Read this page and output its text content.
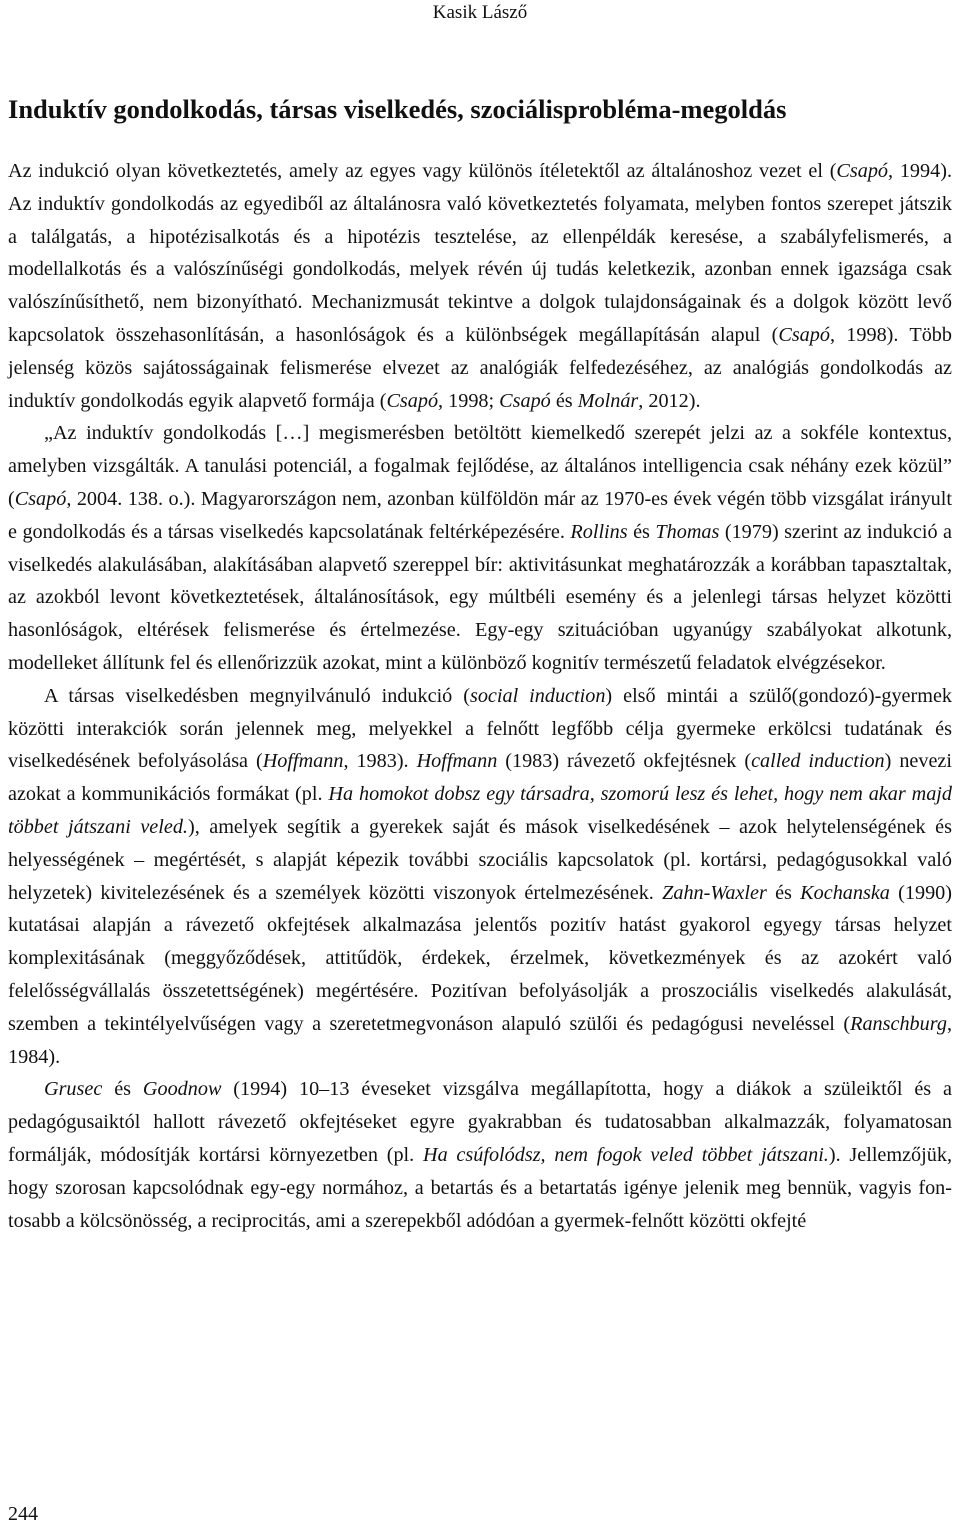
Kasik Lásző
Induktív gondolkodás, társas viselkedés, szociálisprobléma-megoldás

Az indukció olyan következtetés, amely az egyes vagy különös ítéletektől az általánoshoz vezet el (Csapó, 1994). Az induktív gondolkodás az egyediből az általánosra való következtetés folyamata, melyben fontos szerepet játszik a találgatás, a hipotézisalkotás és a hipotézis tesztelése, az ellenpéldák keresése, a szabályfelismerés, a modellalkotás és a valószínűségi gondolkodás, melyek révén új tudás keletkezik, azonban ennek igazsága csak valószínűsíthető, nem bizonyítható. Mechanizmusát tekintve a dolgok tulajdonságainak és a dolgok között levő kapcsolatok összehasonlításán, a hasonlóságok és a különbségek megállapításán alapul (Csapó, 1998). Több jelenség közös sajátosságainak felismerése elvezet az analógiák felfedezéséhez, az analógiás gondolkodás az induktív gondolkodás egyik alapvető formája (Csapó, 1998; Csapó és Molnár, 2012).

„Az induktív gondolkodás […] megismerésben betöltött kiemelkedő szerepét jelzi az a sokféle kontextus, amelyben vizsgálták. A tanulási potenciál, a fogalmak fejlődése, az általános intelligencia csak néhány ezek közül” (Csapó, 2004. 138. o.). Magyarországon nem, azonban külföldön már az 1970-es évek végén több vizsgálat irányult e gondolkodás és a társas viselkedés kapcsolatának feltérképezésére. Rollins és Thomas (1979) szerint az indukció a viselkedés alakulásában, alakításában alapvető szereppel bír: aktivitásunkat meghatározzák a korábban tapasztaltak, az azokból levont következtetések, általánosítások, egy múltbéli esemény és a jelenlegi társas helyzet közötti hasonlóságok, eltérések felismerése és értelmezése. Egy-egy szituációban ugyanúgy szabályokat alkotunk, modelleket állítunk fel és ellenőrizzük azokat, mint a különböző kognitív természetű feladatok elvégzésekor.

A társas viselkedésben megnyilvánuló indukció (social induction) első mintái a szülő(gondozó)-gyermek közötti interakciók során jelennek meg, melyekkel a felnőtt legfőbb célja gyermeke erkölcsi tudatának és viselkedésének befolyásolása (Hoffmann, 1983). Hoffmann (1983) rávezető okfejtésnek (called induction) nevezi azokat a kommunikációs formákat (pl. Ha homokot dobsz egy társadra, szomorú lesz és lehet, hogy nem akar majd többet játszani veled.), amelyek segítik a gyerekek saját és mások viselkedésének – azok helytelenségének és helyességének – megértését, s alapját képezik további szociális kapcsolatok (pl. kortársi, pedagógusokkal való helyzetek) kivitelezésének és a személyek közötti viszonyok értelmezésének. Zahn-Waxler és Kochanska (1990) kutatásai alapján a rávezető okfejtések alkalmazása jelentős pozitív hatást gyakorol egyegy társas helyzet komplexitásának (meggyőződések, attitűdök, érdekek, érzelmek, következmények és az azokért való felelősségvállalás összetettségének) megértésére. Pozitívan befolyásolják a proszociális viselkedés alakulását, szemben a tekintélyelvűségen vagy a szeretetmegvonáson alapuló szülői és pedagógusi neveléssel (Ranschburg, 1984).

Grusec és Goodnow (1994) 10–13 éveseket vizsgálva megállapította, hogy a diákok a szüleiktől és a pedagógusaiktól hallott rávezető okfejtéseket egyre gyakrabban és tudatosabban alkalmazzák, folyamatosan formálják, módosítják kortársi környezetben (pl. Ha csúfolódsz, nem fogok veled többet játszani.). Jellemzőjük, hogy szorosan kapcsolódnak egy-egy normához, a betartás és a betartatás igénye jelenik meg bennük, vagyis fontosabb a kölcsönösség, a reciprocitás, ami a szerepekből adódóan a gyermek-felnőtt közötti okfejté

244
